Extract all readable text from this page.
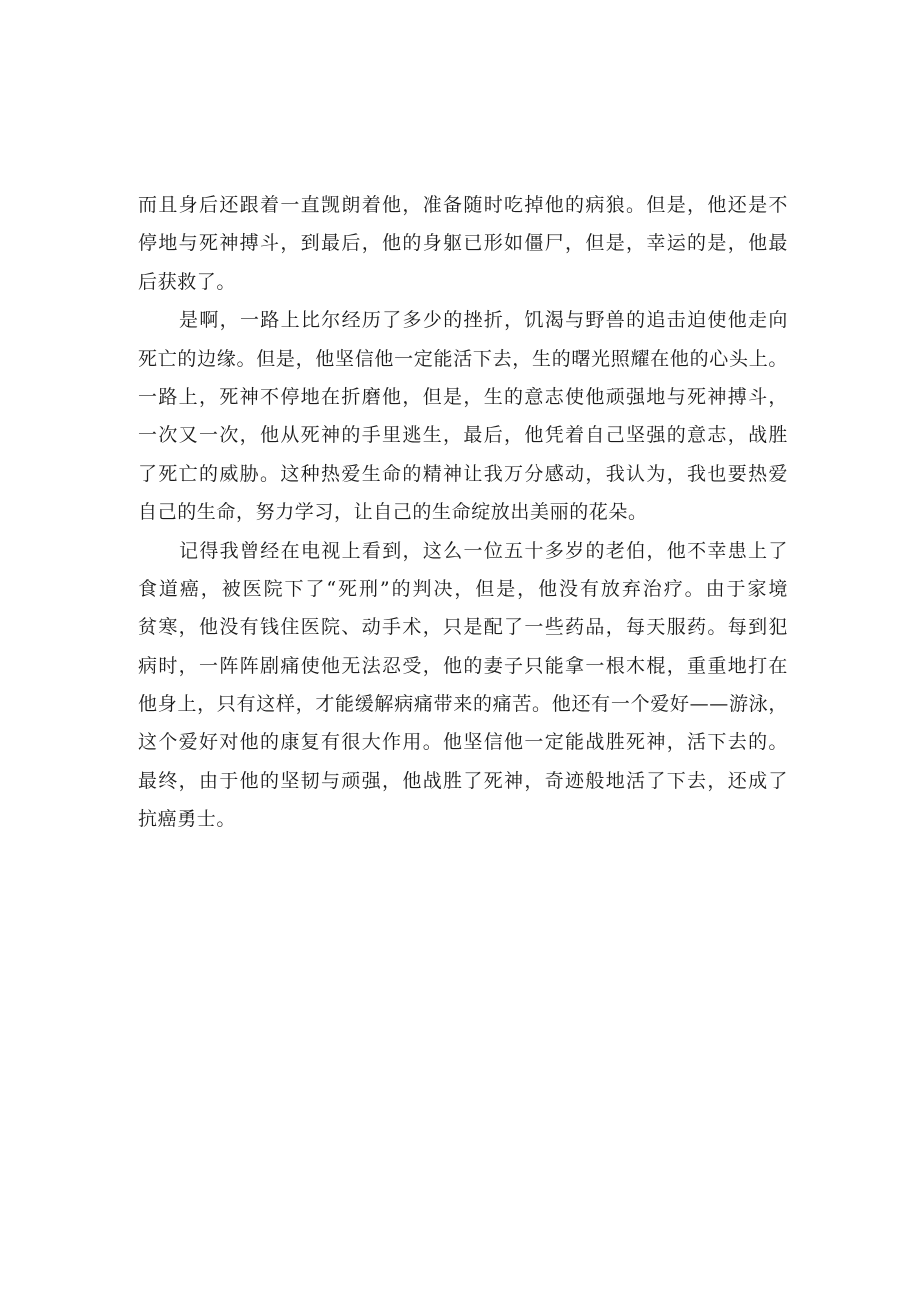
而且身后还跟着一直觊朗着他，准备随时吃掉他的病狼。但是，他还是不
停地与死神搏斗，到最后，他的身躯已形如僵尸，但是，幸运的是，他最
后获救了。
是啊，一路上比尔经历了多少的挫折，饥渴与野兽的追击迫使他走向
死亡的边缘。但是，他坚信他一定能活下去，生的曙光照耀在他的心头上。
一路上，死神不停地在折磨他，但是，生的意志使他顽强地与死神搏斗，
一次又一次，他从死神的手里逃生，最后，他凭着自己坚强的意志，战胜
了死亡的威胁。这种热爱生命的精神让我万分感动，我认为，我也要热爱
自己的生命，努力学习，让自己的生命绽放出美丽的花朵。
记得我曾经在电视上看到，这么一位五十多岁的老伯，他不幸患上了
食道癌，被医院下了“死刑”的判决，但是，他没有放弃治疗。由于家境
贫寒，他没有钱住医院、动手术，只是配了一些药品，每天服药。每到犯
病时，一阵阵剧痛使他无法忍受，他的妻子只能拿一根木棍，重重地打在
他身上，只有这样，才能缓解病痛带来的痛苦。他还有一个爱好——游泳，
这个爱好对他的康复有很大作用。他坚信他一定能战胜死神，活下去的。
最终，由于他的坚韧与顽强，他战胜了死神，奇迹般地活了下去，还成了
抗癌勇士。
